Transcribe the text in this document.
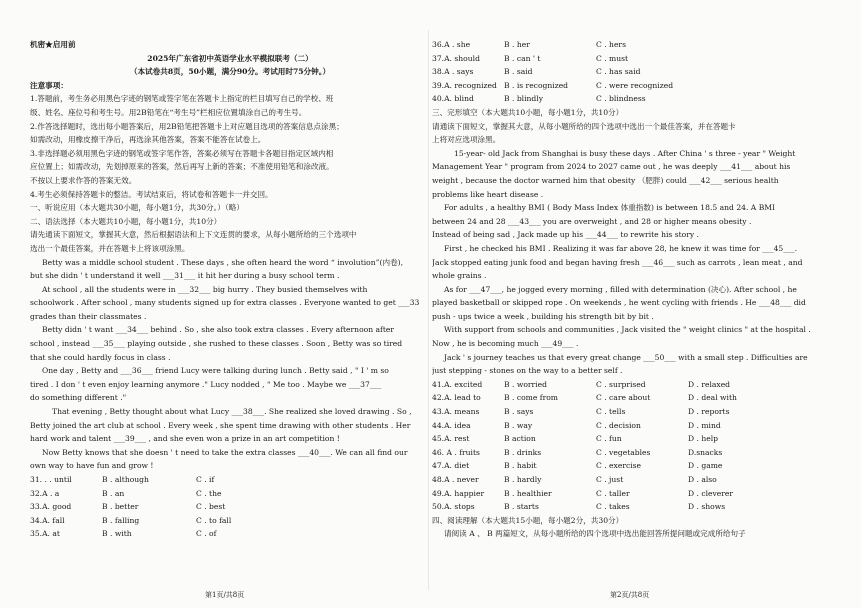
机密★启用前
2025年广东省初中英语学业水平模拟联考（二）
（本试卷共8页，50小题，满分90分。考试用时75分钟。）
注意事项：
1.答题前，考生务必用黑色字迹的钢笔或签字笔在答题卡上指定的栏目填写自己的学校、班
级、姓名、座位号和考生号。用2B铅笔在“考生号”栏相应位置填涂自己的考生号。
2.作答选择题时，选出每小题答案后，用2B铅笔把答题卡上对应题目选项的答案信息点涂黑；
如需改动，用橡皮擦干净后，再选涂其他答案，答案不能答在试卷上。
3.非选择题必须用黑色字迹的钢笔或签字笔作答，答案必须写在答题卡各题目指定区域内相
应位置上；如需改动，先划掉原来的答案，然后再写上新的答案；不准使用铅笔和涂改液。
不按以上要求作答的答案无效。
4.考生必须保持答题卡的整洁。考试结束后，将试卷和答题卡一并交回。
一、听说应用（本大题共30小题，每小题1分，共30分。）（略）
二、语法选择（本大题共10小题，每小题1分，共10分）
请先通读下面短文，掌握其大意，然后根据语法和上下文连贯的要求，从每小题所给的三个选项中
选出一个最佳答案，并在答题卡上将该项涂黑。
Betty was a middle school student . These days , she often heard the word “ involution”(内卷),
but she didn ' t understand it well ___31___ it hit her during a busy school term .
At school , all the students were in ___32___ big hurry . They busied themselves with
schoolwork . After school , many students signed up for extra classes . Everyone wanted to get ___33
grades than their classmates .
Betty didn ' t want ___34___ behind . So , she also took extra classes . Every afternoon after
school , instead ___35___ playing outside , she rushed to these classes . Soon , Betty was so tired
that she could hardly focus in class .
One day , Betty and ___36___ friend Lucy were talking during lunch . Betty said , " I ' m so
tired . I don ' t even enjoy learning anymore ." Lucy nodded , " Me too . Maybe we ___37___
do something different ."
That evening , Betty thought about what Lucy ___38___. She realized she loved drawing . So ,
Betty joined the art club at school . Every week , she spent time drawing with other students . Her
hard work and talent ___39___ , and she even won a prize in an art competition !
Now Betty knows that she doesn ' t need to take the extra classes ___40___. We can all find our
own way to have fun and grow !
31. . . until	B . although	C . if
32.A . a	B . an	C . the
33.A. good	B . better	C . best
34.A. fall	B . falling	C . to fall
35.A. at	B . with	C . of
36.A . she	B . her	C . hers
37.A. should	B . can ' t	C . must
38.A . says	B . said	C . has said
39.A. recognized B . is recognized	C . were recognized
40.A. blind	B . blindly	C . blindness
三、完形填空（本大题共10小题，每小题1分，共10分）
请通读下面短文，掌握其大意，从每小题所给的四个选项中选出一个最佳答案，并在答题卡
上将对应选项涂黑。
15-year- old Jack from Shanghai is busy these days . After China ' s three - year " Weight
Management Year " program from 2024 to 2027 came out , he was deeply ___41___ about his
weight , because the doctor warned him that obesity （肥胖) could ___42___ serious health
problems like heart disease .
For adults , a healthy BMI ( Body Mass Index 体重指数) is between 18.5 and 24. A BMI
between 24 and 28 ___43___ you are overweight , and 28 or higher means obesity .
Instead of being sad , Jack made up his ___44___ to rewrite his story .
First , he checked his BMI . Realizing it was far above 28, he knew it was time for ___45___.
Jack stopped eating junk food and began having fresh ___46___ such as carrots , lean meat , and
whole grains .
As for ___47___, he jogged every morning , filled with determination (决心). After school , he
played basketball or skipped rope . On weekends , he went cycling with friends . He ___48___ did
push - ups twice a week , building his strength bit by bit .
With support from schools and communities , Jack visited the " weight clinics " at the hospital .
Now , he is becoming much ___49___ .
Jack ' s journey teaches us that every great change ___50___ with a small step . Difficulties are
just stepping - stones on the way to a better self .
41.A. excited	B . worried	C . surprised	D . relaxed
42.A. lead to	B . come from	C . care about	D . deal with
43.A. means	B . says	C . tells	D . reports
44.A. idea	B . way	C . decision	D . mind
45.A. rest	B action	C . fun	D . help
46. A . fruits	B . drinks	C . vegetables	D.snacks
47.A. diet	B . habit	C . exercise	D . game
48.A . never	B . hardly	C . just	D . also
49.A. happier	B . healthier	C . taller	D . cleverer
50.A. stops	B . starts	C . takes	D . shows
四、阅读理解（本大题共15小题，每小题2分，共30分）
请阅读 A 、 B 两篇短文，从每小题所给的四个选项中选出能回答所提问题或完成所给句子
第1页/共8页	第2页/共8页
